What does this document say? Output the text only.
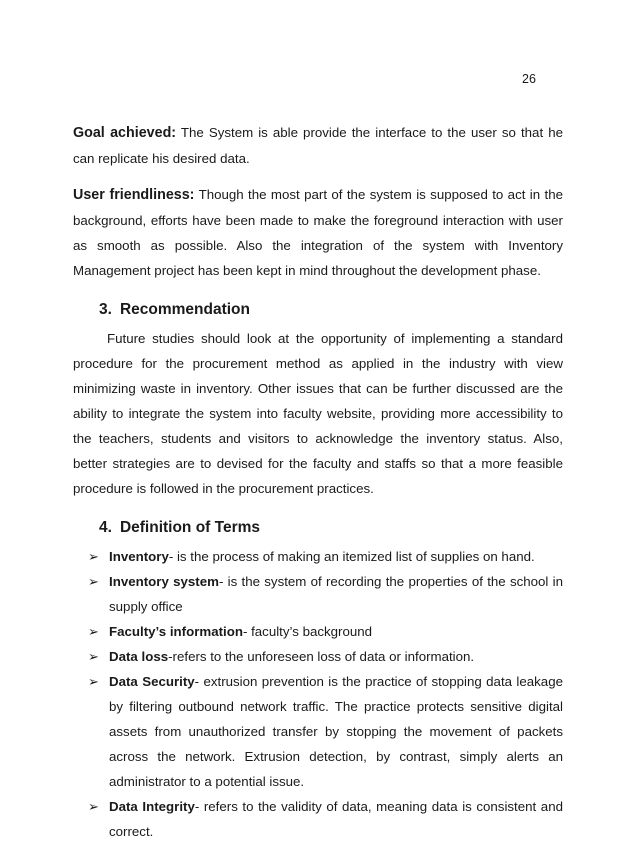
26

Goal achieved: The System is able provide the interface to the user so that he can replicate his desired data.

User friendliness: Though the most part of the system is supposed to act in the background, efforts have been made to make the foreground interaction with user as smooth as possible. Also the integration of the system with Inventory Management project has been kept in mind throughout the development phase.

3. Recommendation

Future studies should look at the opportunity of implementing a standard procedure for the procurement method as applied in the industry with view minimizing waste in inventory. Other issues that can be further discussed are the ability to integrate the system into faculty website, providing more accessibility to the teachers, students and visitors to acknowledge the inventory status. Also, better strategies are to devised for the faculty and staffs so that a more feasible procedure is followed in the procurement practices.

4. Definition of Terms
➢ Inventory- is the process of making an itemized list of supplies on hand.
➢ Inventory system- is the system of recording the properties of the school in supply office
➢ Faculty’s information- faculty’s background
➢ Data loss-refers to the unforeseen loss of data or information.
➢ Data Security- extrusion prevention is the practice of stopping data leakage by filtering outbound network traffic. The practice protects sensitive digital assets from unauthorized transfer by stopping the movement of packets across the network. Extrusion detection, by contrast, simply alerts an administrator to a potential issue.
➢ Data Integrity- refers to the validity of data, meaning data is consistent and correct.
